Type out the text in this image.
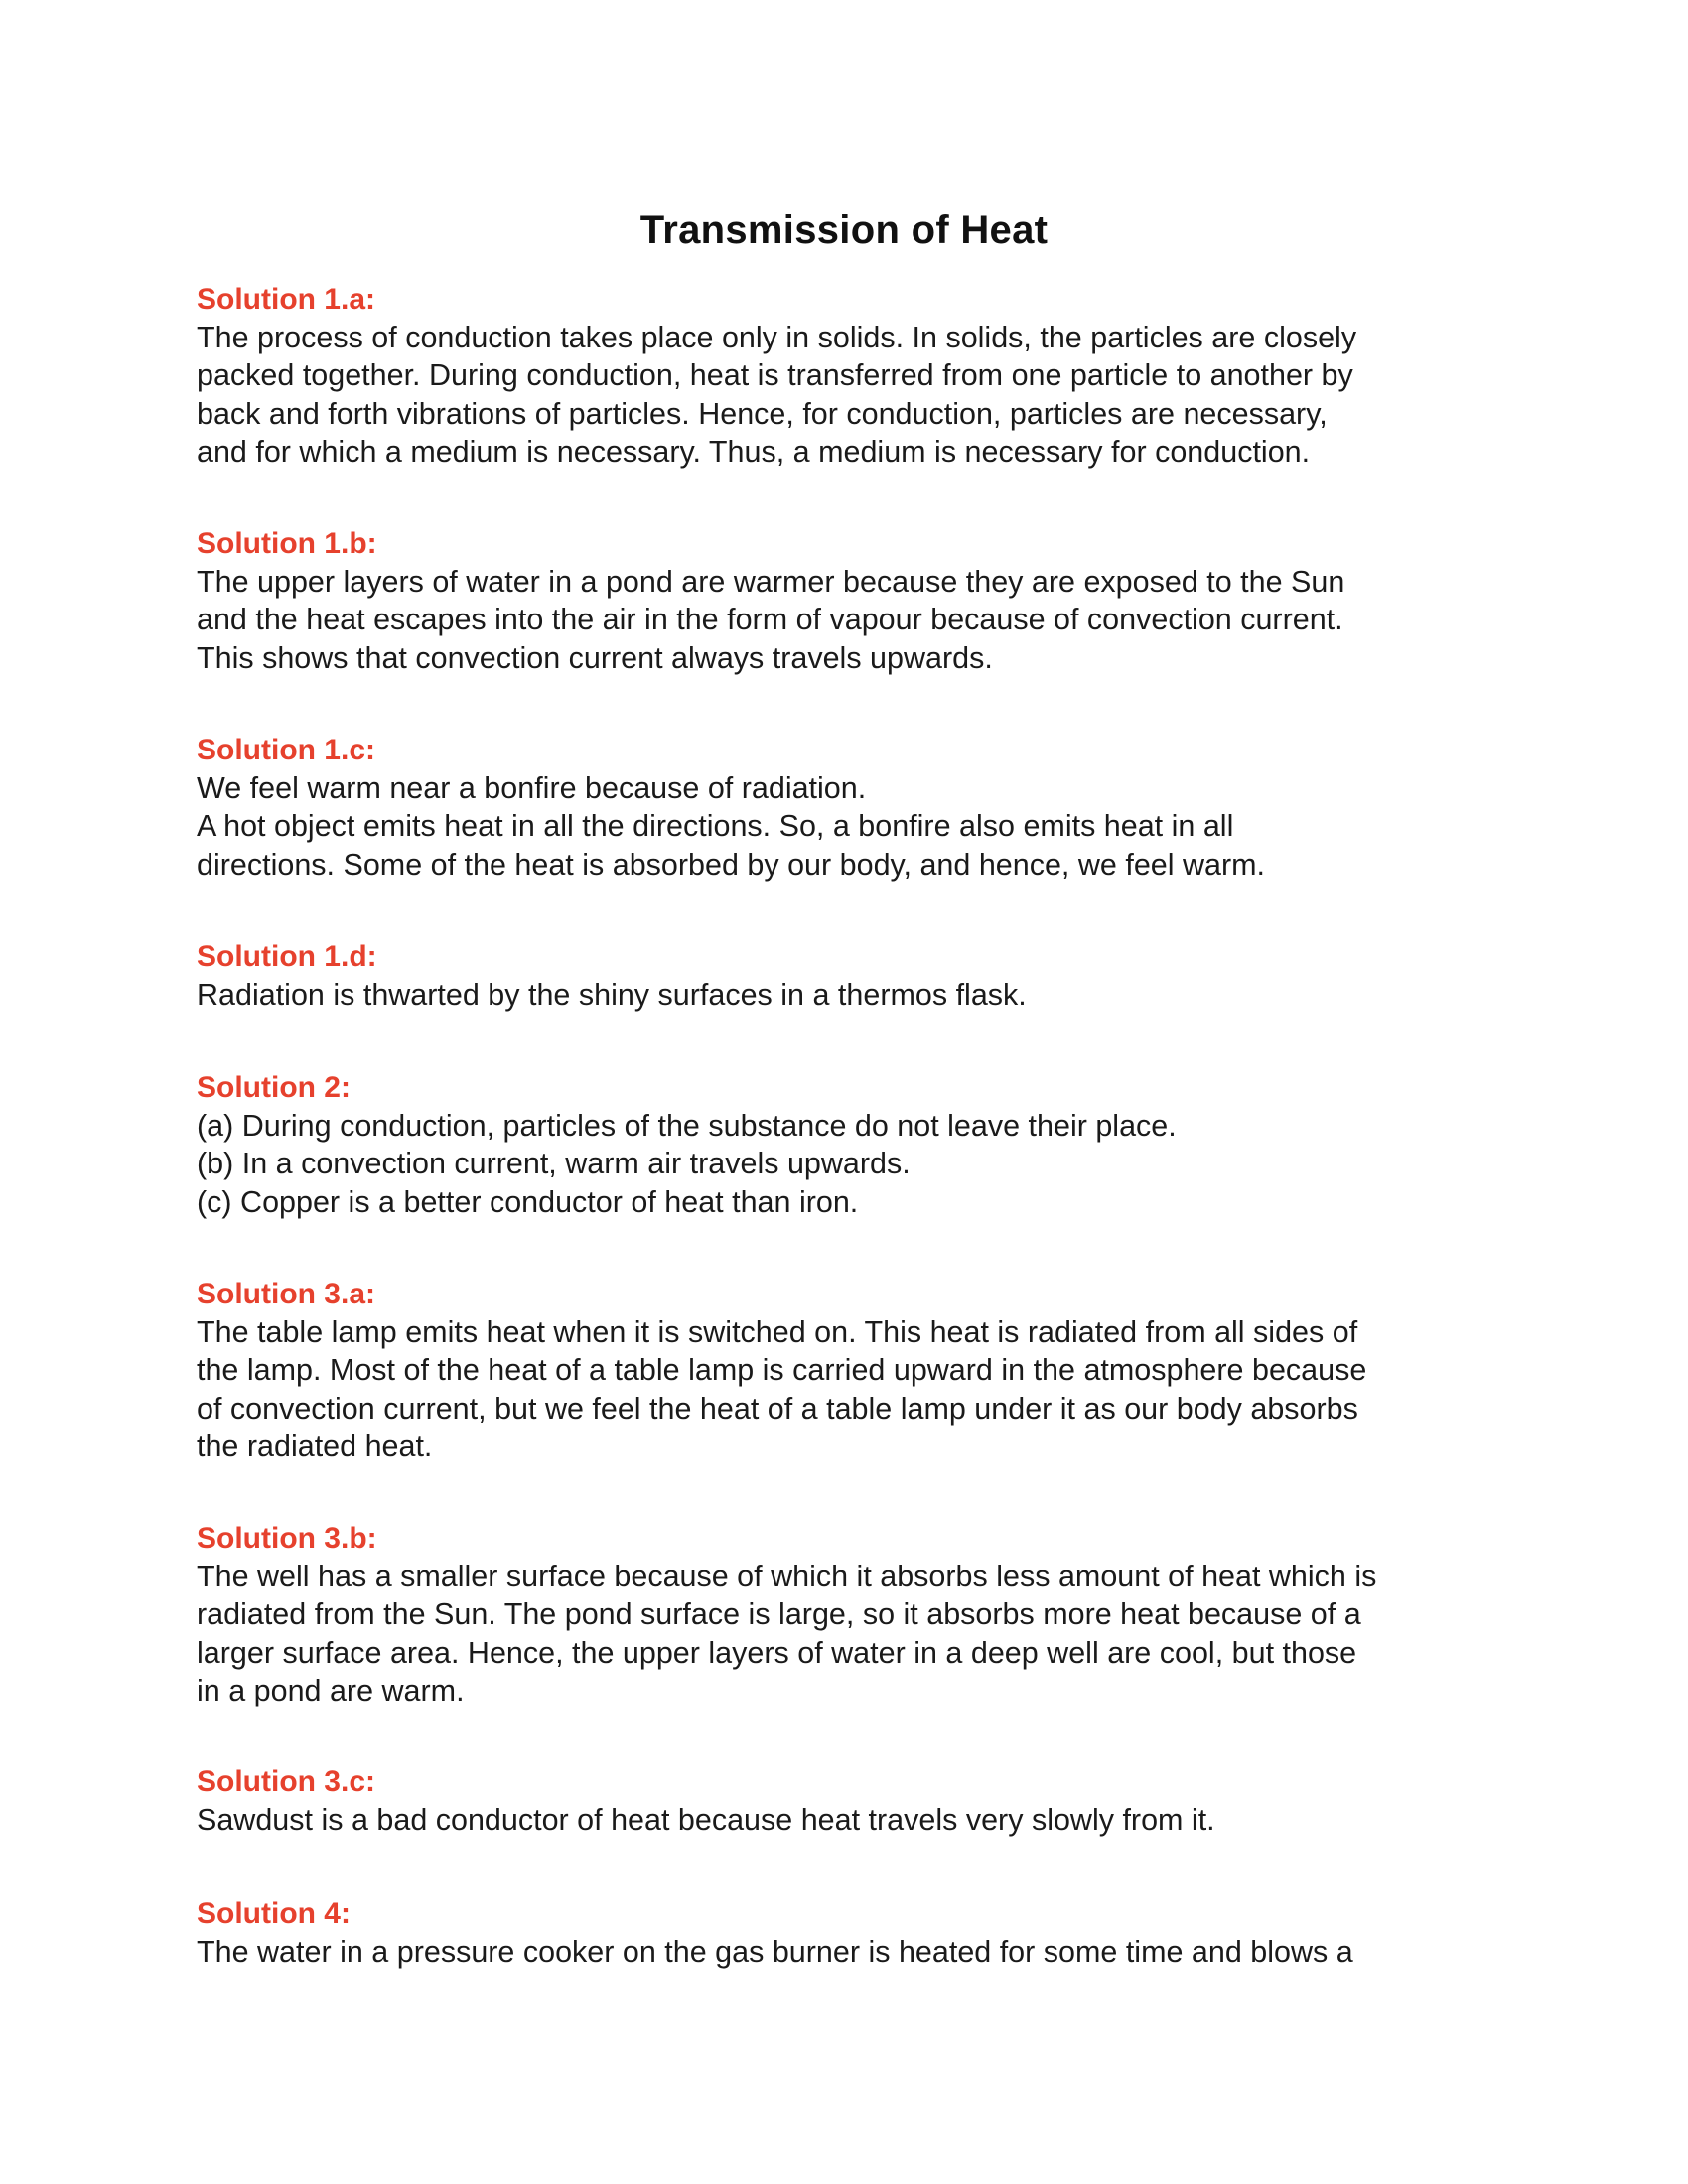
Transmission of Heat
Solution 1.a:
The process of conduction takes place only in solids. In solids, the particles are closely
packed together. During conduction, heat is transferred from one particle to another by
back and forth vibrations of particles. Hence, for conduction, particles are necessary,
and for which a medium is necessary. Thus, a medium is necessary for conduction.
Solution 1.b:
The upper layers of water in a pond are warmer because they are exposed to the Sun
and the heat escapes into the air in the form of vapour because of convection current.
This shows that convection current always travels upwards.
Solution 1.c:
We feel warm near a bonfire because of radiation.
A hot object emits heat in all the directions. So, a bonfire also emits heat in all
directions. Some of the heat is absorbed by our body, and hence, we feel warm.
Solution 1.d:
Radiation is thwarted by the shiny surfaces in a thermos flask.
Solution 2:
(a) During conduction, particles of the substance do not leave their place.
(b) In a convection current, warm air travels upwards.
(c) Copper is a better conductor of heat than iron.
Solution 3.a:
The table lamp emits heat when it is switched on. This heat is radiated from all sides of
the lamp. Most of the heat of a table lamp is carried upward in the atmosphere because
of convection current, but we feel the heat of a table lamp under it as our body absorbs
the radiated heat.
Solution 3.b:
The well has a smaller surface because of which it absorbs less amount of heat which is
radiated from the Sun. The pond surface is large, so it absorbs more heat because of a
larger surface area. Hence, the upper layers of water in a deep well are cool, but those
in a pond are warm.
Solution 3.c:
Sawdust is a bad conductor of heat because heat travels very slowly from it.
Solution 4:
The water in a pressure cooker on the gas burner is heated for some time and blows a
